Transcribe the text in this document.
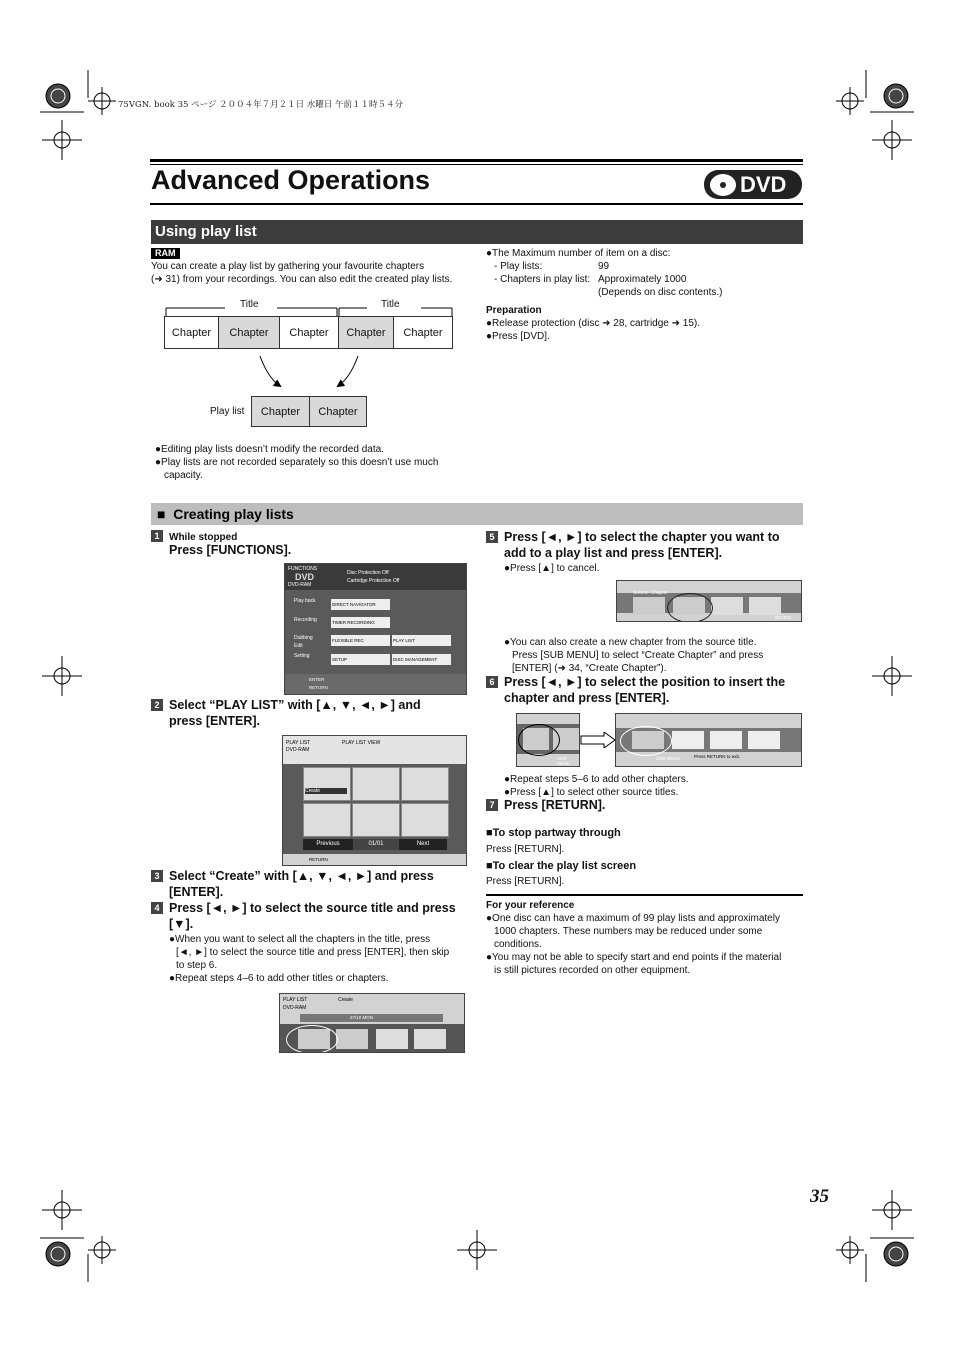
75VGN. book 35 ページ ２００４年７月２１日 水曜日 午前１１時５４分
Advanced Operations	DVD
Using play list
RAM
You can create a play list by gathering your favourite chapters
(➜ 31) from your recordings. You can also edit the created play lists.
Title	Title
Chapter	Chapter	Chapter	Chapter	Chapter
Play list	Chapter	Chapter
●Editing play lists doesn’t modify the recorded data.
●Play lists are not recorded separately so this doesn’t use much
capacity.
●The Maximum number of item on a disc:
- Play lists:	99
- Chapters in play list: Approximately 1000
(Depends on disc contents.)
Preparation
●Release protection (disc ➜ 28, cartridge ➜ 15).
●Press [DVD].
■  Creating play lists
1 While stopped
Press [FUNCTIONS].
FUNCTIONS
DVD
DVD-RAM
Disc Protection Off
Cartridge Protection Off
Play back
Recording
Dubbing
Edit
Setting
DIRECT NAVIGATOR
TIMER RECORDING
FLEXIBLE REC	PLAY LIST
SETUP	DISC MANAGEMENT
ENTER
RETURN
2 Select “PLAY LIST” with [▲, ▼, ◄, ►] and
press [ENTER].
PLAY LIST	PLAY LIST VIEW
DVD-RAM
Create
Previous	01/01	Next
RETURN
3 Select “Create” with [▲, ▼, ◄, ►] and press
[ENTER].
4 Press [◄, ►] to select the source title and press
[▼].
●When you want to select all the chapters in the title, press
[◄, ►] to select the source title and press [ENTER], then skip
to step 6.
●Repeat steps 4–6 to add other titles or chapters.
PLAY LIST	Create
DVD-RAM
27/10 MON
5 Press [◄, ►] to select the chapter you want to
add to a play list and press [ENTER].
●Press [▲] to cancel.
Source Chapter
001/001
●You can also create a new chapter from the source title.
Press [SUB MENU] to select “Create Chapter” and press
[ENTER] (➜ 34, “Create Chapter”).
6 Press [◄, ►] to select the position to insert the
chapter and press [ENTER].
SUB MENU
SUB MENU	Press RETURN to exit.
●Repeat steps 5–6 to add other chapters.
●Press [▲] to select other source titles.
7 Press [RETURN].
■To stop partway through
Press [RETURN].
■To clear the play list screen
Press [RETURN].
For your reference
●One disc can have a maximum of 99 play lists and approximately
1000 chapters. These numbers may be reduced under some
conditions.
●You may not be able to specify start and end points if the material
is still pictures recorded on other equipment.
35
